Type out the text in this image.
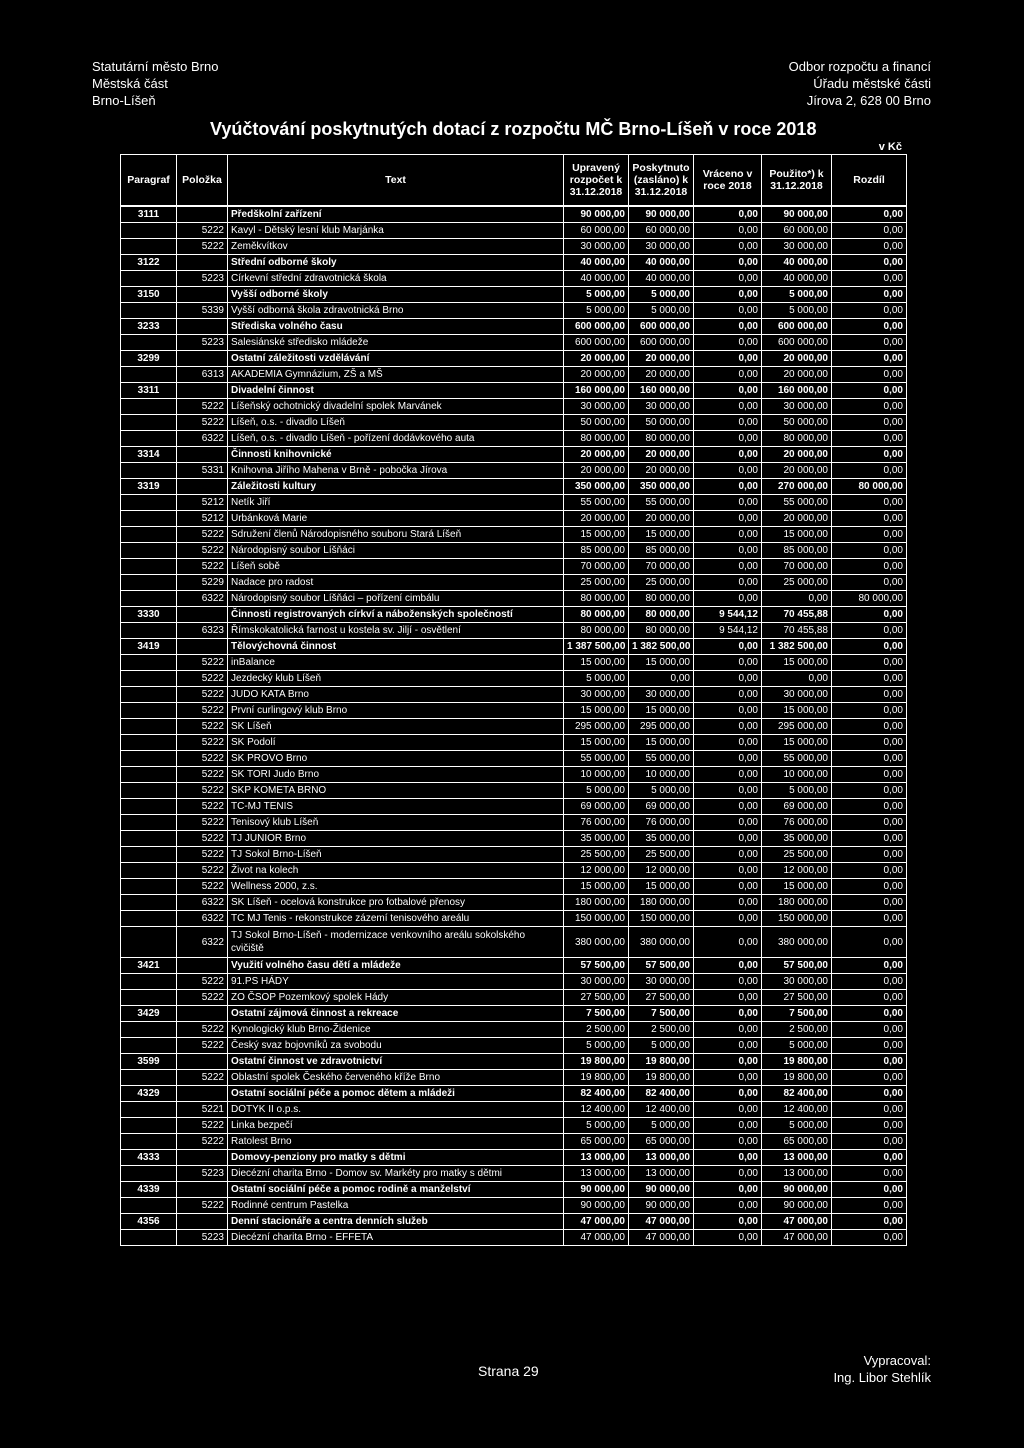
Statutární město Brno
Městská část
Brno-Líšeň
Odbor rozpočtu a financí
Úřadu městské části
Jírova 2, 628 00 Brno
Vyúčtování poskytnutých dotací z rozpočtu MČ Brno-Líšeň v roce 2018
v Kč
Paragraf	Položka	Text	Upravený rozpočet k 31.12.2018	Poskytnuto (zasláno) k 31.12.2018	Vráceno v roce 2018	Použito*) k 31.12.2018	Rozdíl
3111		Předškolní zařízení	90 000,00	90 000,00	0,00	90 000,00	0,00
	5222	Kavyl - Dětský lesní klub Marjánka	60 000,00	60 000,00	0,00	60 000,00	0,00
	5222	Zeměkvítkov	30 000,00	30 000,00	0,00	30 000,00	0,00
3122		Střední odborné školy	40 000,00	40 000,00	0,00	40 000,00	0,00
	5223	Církevní střední zdravotnická škola	40 000,00	40 000,00	0,00	40 000,00	0,00
3150		Vyšší odborné školy	5 000,00	5 000,00	0,00	5 000,00	0,00
	5339	Vyšší odborná škola zdravotnická Brno	5 000,00	5 000,00	0,00	5 000,00	0,00
3233		Střediska volného času	600 000,00	600 000,00	0,00	600 000,00	0,00
	5223	Salesiánské středisko mládeže	600 000,00	600 000,00	0,00	600 000,00	0,00
3299		Ostatní záležitosti vzdělávání	20 000,00	20 000,00	0,00	20 000,00	0,00
	6313	AKADEMIA Gymnázium, ZŠ a MŠ	20 000,00	20 000,00	0,00	20 000,00	0,00
3311		Divadelní činnost	160 000,00	160 000,00	0,00	160 000,00	0,00
	5222	Líšeňský ochotnický divadelní spolek Marvánek	30 000,00	30 000,00	0,00	30 000,00	0,00
	5222	Líšeň, o.s. - divadlo Líšeň	50 000,00	50 000,00	0,00	50 000,00	0,00
	6322	Líšeň, o.s. - divadlo Líšeň - pořízení dodávkového auta	80 000,00	80 000,00	0,00	80 000,00	0,00
3314		Činnosti knihovnické	20 000,00	20 000,00	0,00	20 000,00	0,00
	5331	Knihovna Jiřího Mahena v Brně - pobočka Jírova	20 000,00	20 000,00	0,00	20 000,00	0,00
3319		Záležitosti kultury	350 000,00	350 000,00	0,00	270 000,00	80 000,00
	5212	Netík Jiří	55 000,00	55 000,00	0,00	55 000,00	0,00
	5212	Urbánková Marie	20 000,00	20 000,00	0,00	20 000,00	0,00
	5222	Sdružení členů Národopisného souboru Stará Líšeň	15 000,00	15 000,00	0,00	15 000,00	0,00
	5222	Národopisný soubor Líšňáci	85 000,00	85 000,00	0,00	85 000,00	0,00
	5222	Líšeň sobě	70 000,00	70 000,00	0,00	70 000,00	0,00
	5229	Nadace pro radost	25 000,00	25 000,00	0,00	25 000,00	0,00
	6322	Národopisný soubor Líšňáci – pořízení cimbálu	80 000,00	80 000,00	0,00	0,00	80 000,00
3330		Činnosti registrovaných církví a náboženských společností	80 000,00	80 000,00	9 544,12	70 455,88	0,00
	6323	Římskokatolická farnost u kostela sv. Jiljí - osvětlení	80 000,00	80 000,00	9 544,12	70 455,88	0,00
3419		Tělovýchovná činnost	1 387 500,00	1 382 500,00	0,00	1 382 500,00	0,00
	5222	inBalance	15 000,00	15 000,00	0,00	15 000,00	0,00
	5222	Jezdecký klub Líšeň	5 000,00	0,00	0,00	0,00	0,00
	5222	JUDO KATA Brno	30 000,00	30 000,00	0,00	30 000,00	0,00
	5222	První curlingový klub Brno	15 000,00	15 000,00	0,00	15 000,00	0,00
	5222	SK Líšeň	295 000,00	295 000,00	0,00	295 000,00	0,00
	5222	SK Podolí	15 000,00	15 000,00	0,00	15 000,00	0,00
	5222	SK PROVO Brno	55 000,00	55 000,00	0,00	55 000,00	0,00
	5222	SK TORI Judo Brno	10 000,00	10 000,00	0,00	10 000,00	0,00
	5222	SKP KOMETA BRNO	5 000,00	5 000,00	0,00	5 000,00	0,00
	5222	TC-MJ TENIS	69 000,00	69 000,00	0,00	69 000,00	0,00
	5222	Tenisový klub Líšeň	76 000,00	76 000,00	0,00	76 000,00	0,00
	5222	TJ JUNIOR Brno	35 000,00	35 000,00	0,00	35 000,00	0,00
	5222	TJ Sokol Brno-Líšeň	25 500,00	25 500,00	0,00	25 500,00	0,00
	5222	Život na kolech	12 000,00	12 000,00	0,00	12 000,00	0,00
	5222	Wellness 2000, z.s.	15 000,00	15 000,00	0,00	15 000,00	0,00
	6322	SK Líšeň - ocelová konstrukce pro fotbalové přenosy	180 000,00	180 000,00	0,00	180 000,00	0,00
	6322	TC MJ Tenis - rekonstrukce zázemí tenisového areálu	150 000,00	150 000,00	0,00	150 000,00	0,00
	6322	TJ Sokol Brno-Líšeň - modernizace venkovního areálu sokolského cvičiště	380 000,00	380 000,00	0,00	380 000,00	0,00
3421		Využití volného času dětí a mládeže	57 500,00	57 500,00	0,00	57 500,00	0,00
	5222	91.PS HÁDY	30 000,00	30 000,00	0,00	30 000,00	0,00
	5222	ZO ČSOP Pozemkový spolek Hády	27 500,00	27 500,00	0,00	27 500,00	0,00
3429		Ostatní zájmová činnost a rekreace	7 500,00	7 500,00	0,00	7 500,00	0,00
	5222	Kynologický klub Brno-Židenice	2 500,00	2 500,00	0,00	2 500,00	0,00
	5222	Český svaz bojovníků za svobodu	5 000,00	5 000,00	0,00	5 000,00	0,00
3599		Ostatní činnost ve zdravotnictví	19 800,00	19 800,00	0,00	19 800,00	0,00
	5222	Oblastní spolek Českého červeného kříže Brno	19 800,00	19 800,00	0,00	19 800,00	0,00
4329		Ostatní sociální péče a pomoc dětem a mládeži	82 400,00	82 400,00	0,00	82 400,00	0,00
	5221	DOTYK II o.p.s.	12 400,00	12 400,00	0,00	12 400,00	0,00
	5222	Linka bezpečí	5 000,00	5 000,00	0,00	5 000,00	0,00
	5222	Ratolest Brno	65 000,00	65 000,00	0,00	65 000,00	0,00
4333		Domovy-penziony pro matky s dětmi	13 000,00	13 000,00	0,00	13 000,00	0,00
	5223	Diecézní charita Brno - Domov sv. Markéty pro matky s dětmi	13 000,00	13 000,00	0,00	13 000,00	0,00
4339		Ostatní sociální péče a pomoc rodině a manželství	90 000,00	90 000,00	0,00	90 000,00	0,00
	5222	Rodinné centrum Pastelka	90 000,00	90 000,00	0,00	90 000,00	0,00
4356		Denní stacionáře a centra denních služeb	47 000,00	47 000,00	0,00	47 000,00	0,00
	5223	Diecézní charita Brno - EFFETA	47 000,00	47 000,00	0,00	47 000,00	0,00
Strana 29
Vypracoval:
Ing. Libor Stehlík
